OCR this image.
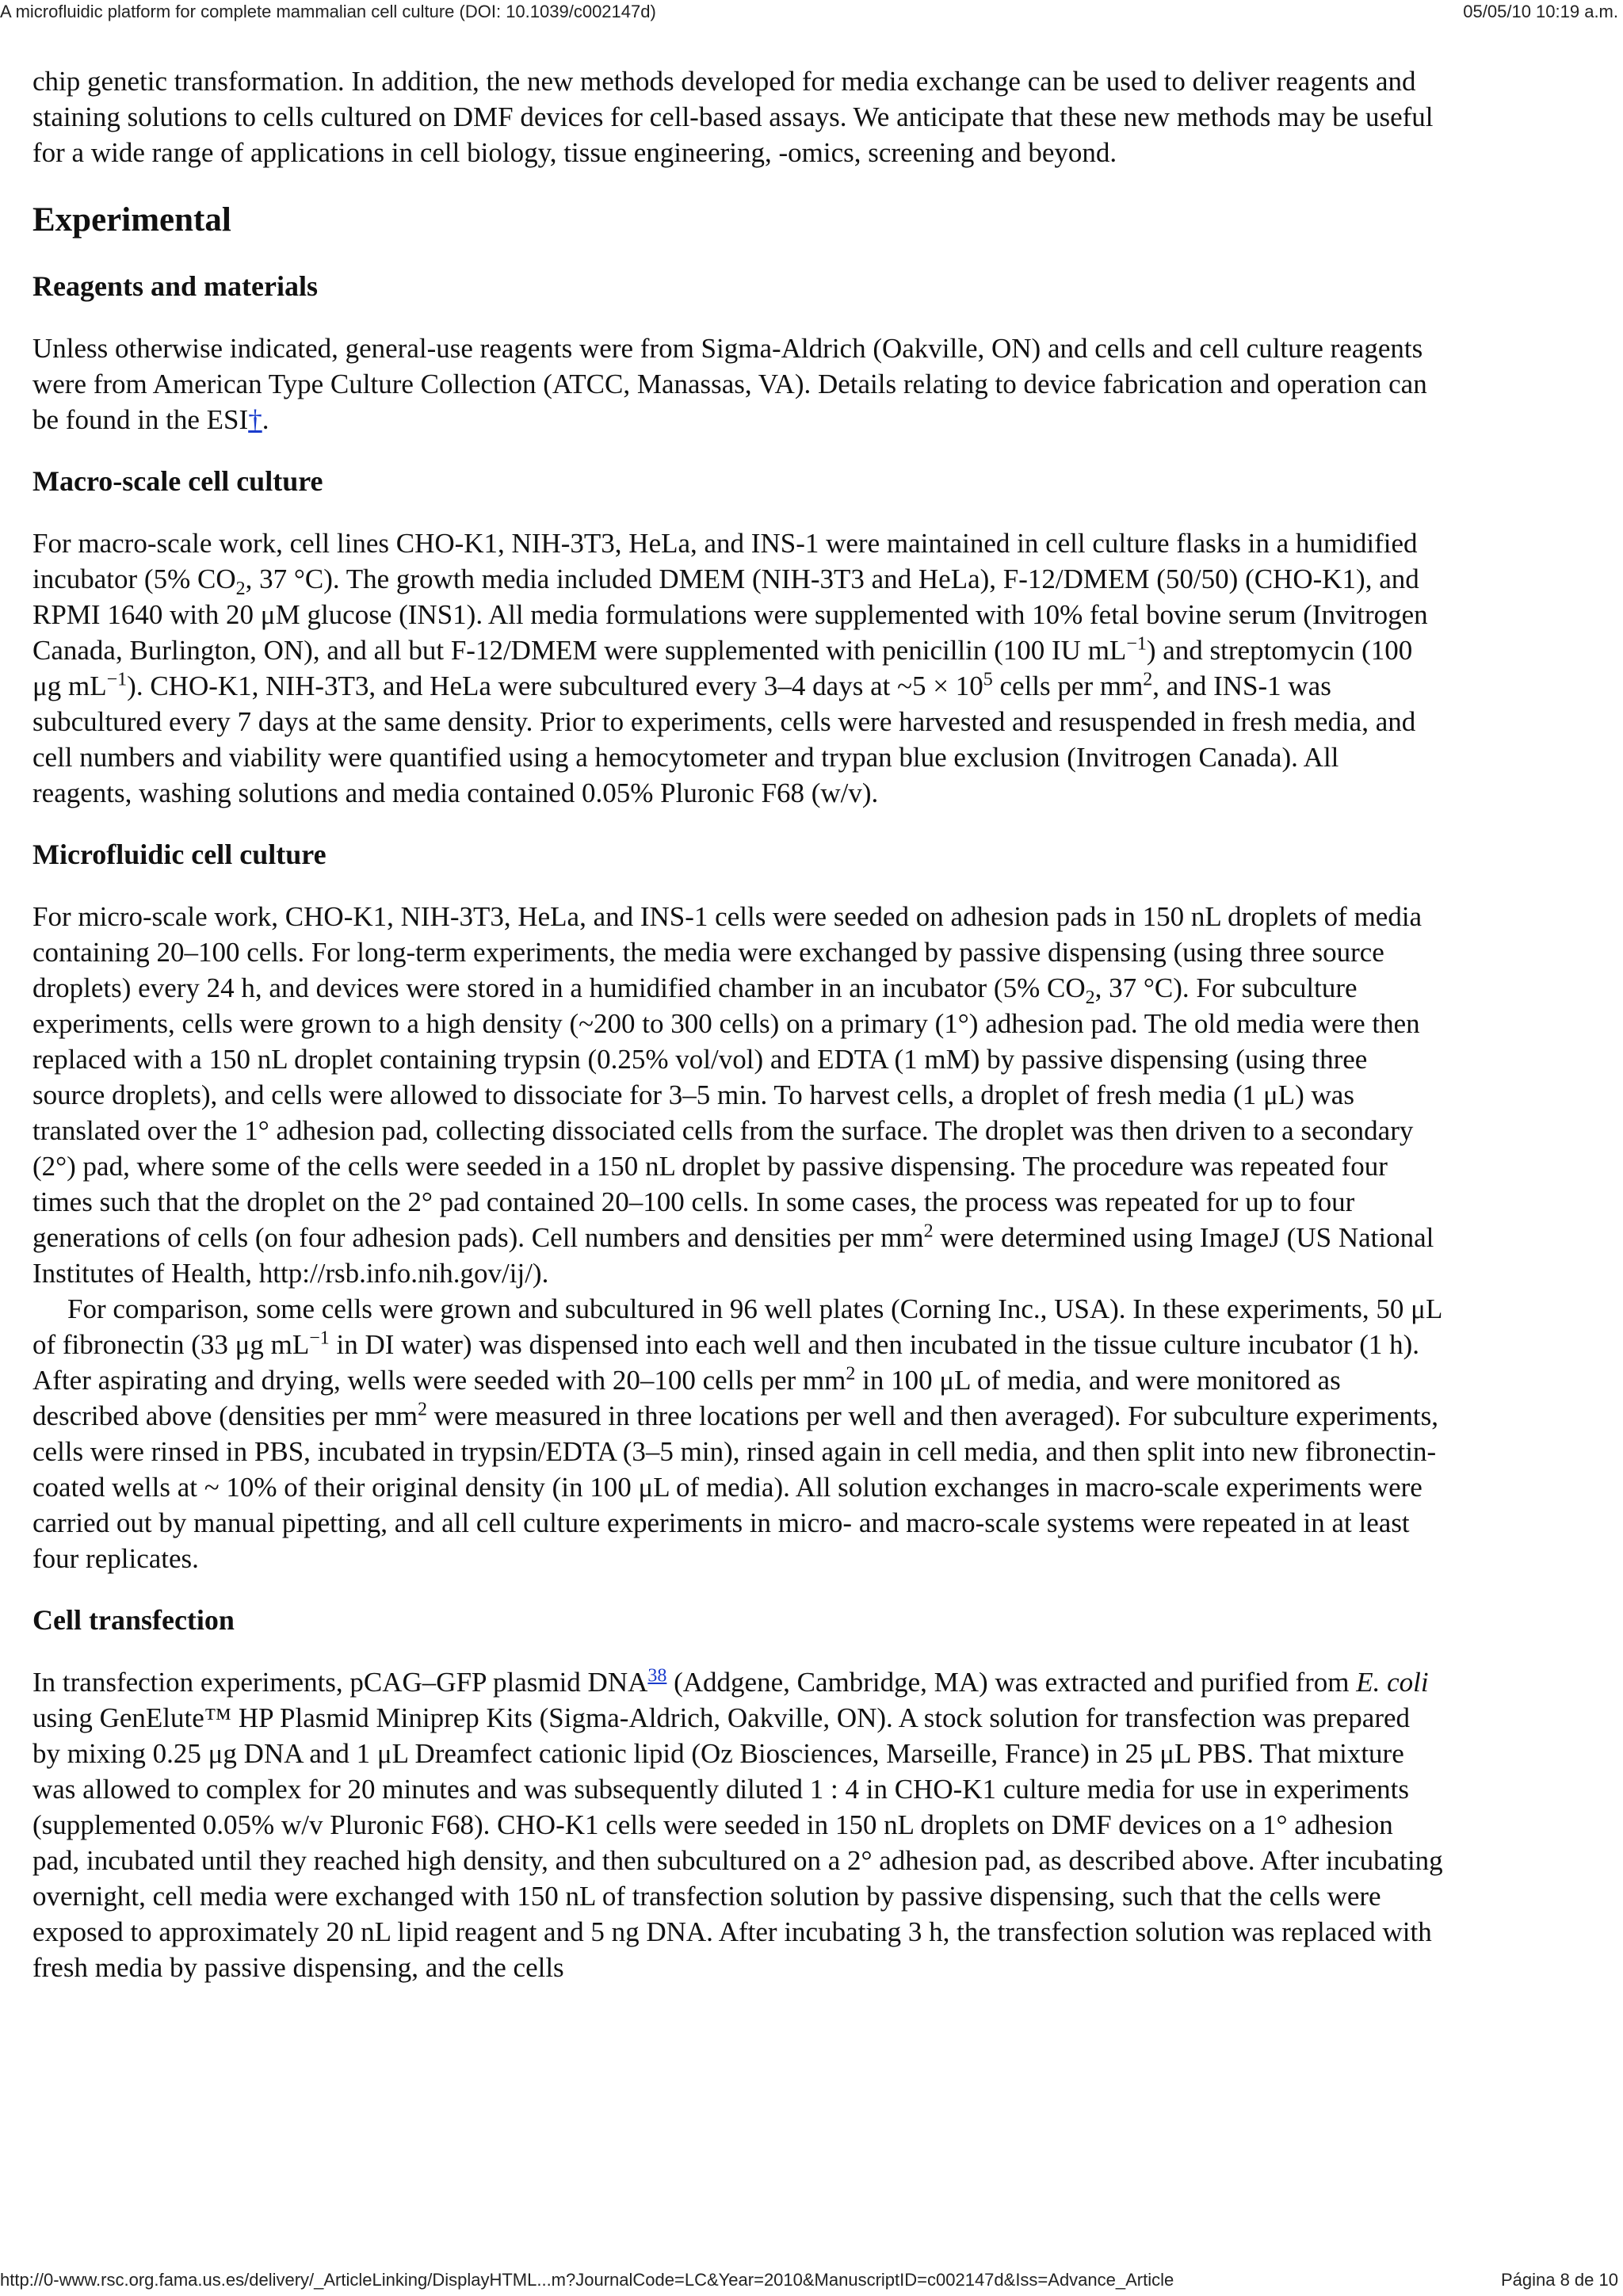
A microfluidic platform for complete mammalian cell culture (DOI: 10.1039/c002147d)	05/05/10 10:19 a.m.

chip genetic transformation. In addition, the new methods developed for media exchange can be used to deliver reagents and staining solutions to cells cultured on DMF devices for cell-based assays. We anticipate that these new methods may be useful for a wide range of applications in cell biology, tissue engineering, -omics, screening and beyond.

Experimental
Reagents and materials

Unless otherwise indicated, general-use reagents were from Sigma-Aldrich (Oakville, ON) and cells and cell culture reagents were from American Type Culture Collection (ATCC, Manassas, VA). Details relating to device fabrication and operation can be found in the ESI†.

Macro-scale cell culture

For macro-scale work, cell lines CHO-K1, NIH-3T3, HeLa, and INS-1 were maintained in cell culture flasks in a humidified incubator (5% $CO_2$, 37 °C). The growth media included DMEM (NIH-3T3 and HeLa), F-12/DMEM (50/50) (CHO-K1), and RPMI 1640 with 20 μM glucose (INS1). All media formulations were supplemented with 10% fetal bovine serum (Invitrogen Canada, Burlington, ON), and all but F-12/DMEM were supplemented with penicillin (100 IU $mL^{-1}$) and streptomycin (100 μg $mL^{-1}$). CHO-K1, NIH-3T3, and HeLa were subcultured every 3–4 days at ~5 × $10^5$ cells per $mm^2$, and INS-1 was subcultured every 7 days at the same density. Prior to experiments, cells were harvested and resuspended in fresh media, and cell numbers and viability were quantified using a hemocytometer and trypan blue exclusion (Invitrogen Canada). All reagents, washing solutions and media contained 0.05% Pluronic F68 (w/v).

Microfluidic cell culture

For micro-scale work, CHO-K1, NIH-3T3, HeLa, and INS-1 cells were seeded on adhesion pads in 150 nL droplets of media containing 20–100 cells. For long-term experiments, the media were exchanged by passive dispensing (using three source droplets) every 24 h, and devices were stored in a humidified chamber in an incubator (5% $CO_2$, 37 °C). For subculture experiments, cells were grown to a high density (~200 to 300 cells) on a primary (1°) adhesion pad. The old media were then replaced with a 150 nL droplet containing trypsin (0.25% vol/vol) and EDTA (1 mM) by passive dispensing (using three source droplets), and cells were allowed to dissociate for 3–5 min. To harvest cells, a droplet of fresh media (1 μL) was translated over the 1° adhesion pad, collecting dissociated cells from the surface. The droplet was then driven to a secondary (2°) pad, where some of the cells were seeded in a 150 nL droplet by passive dispensing. The procedure was repeated four times such that the droplet on the 2° pad contained 20–100 cells. In some cases, the process was repeated for up to four generations of cells (on four adhesion pads). Cell numbers and densities per $mm^2$ were determined using ImageJ (US National Institutes of Health, http://rsb.info.nih.gov/ij/).

For comparison, some cells were grown and subcultured in 96 well plates (Corning Inc., USA). In these experiments, 50 μL of fibronectin (33 μg $mL^{-1}$ in DI water) was dispensed into each well and then incubated in the tissue culture incubator (1 h). After aspirating and drying, wells were seeded with 20–100 cells per $mm^2$ in 100 μL of media, and were monitored as described above (densities per $mm^2$ were measured in three locations per well and then averaged). For subculture experiments, cells were rinsed in PBS, incubated in trypsin/EDTA (3–5 min), rinsed again in cell media, and then split into new fibronectin-coated wells at ~ 10% of their original density (in 100 μL of media). All solution exchanges in macro-scale experiments were carried out by manual pipetting, and all cell culture experiments in micro- and macro-scale systems were repeated in at least four replicates.

Cell transfection

In transfection experiments, pCAG–GFP plasmid DNA$^{38}$ (Addgene, Cambridge, MA) was extracted and purified from E. coli using GenElute™ HP Plasmid Miniprep Kits (Sigma-Aldrich, Oakville, ON). A stock solution for transfection was prepared by mixing 0.25 μg DNA and 1 μL Dreamfect cationic lipid (Oz Biosciences, Marseille, France) in 25 μL PBS. That mixture was allowed to complex for 20 minutes and was subsequently diluted 1 : 4 in CHO-K1 culture media for use in experiments (supplemented 0.05% w/v Pluronic F68). CHO-K1 cells were seeded in 150 nL droplets on DMF devices on a 1° adhesion pad, incubated until they reached high density, and then subcultured on a 2° adhesion pad, as described above. After incubating overnight, cell media were exchanged with 150 nL of transfection solution by passive dispensing, such that the cells were exposed to approximately 20 nL lipid reagent and 5 ng DNA. After incubating 3 h, the transfection solution was replaced with fresh media by passive dispensing, and the cells

http://0-www.rsc.org.fama.us.es/delivery/_ArticleLinking/DisplayHTML...m?JournalCode=LC&Year=2010&ManuscriptID=c002147d&Iss=Advance_Article	Página 8 de 10
